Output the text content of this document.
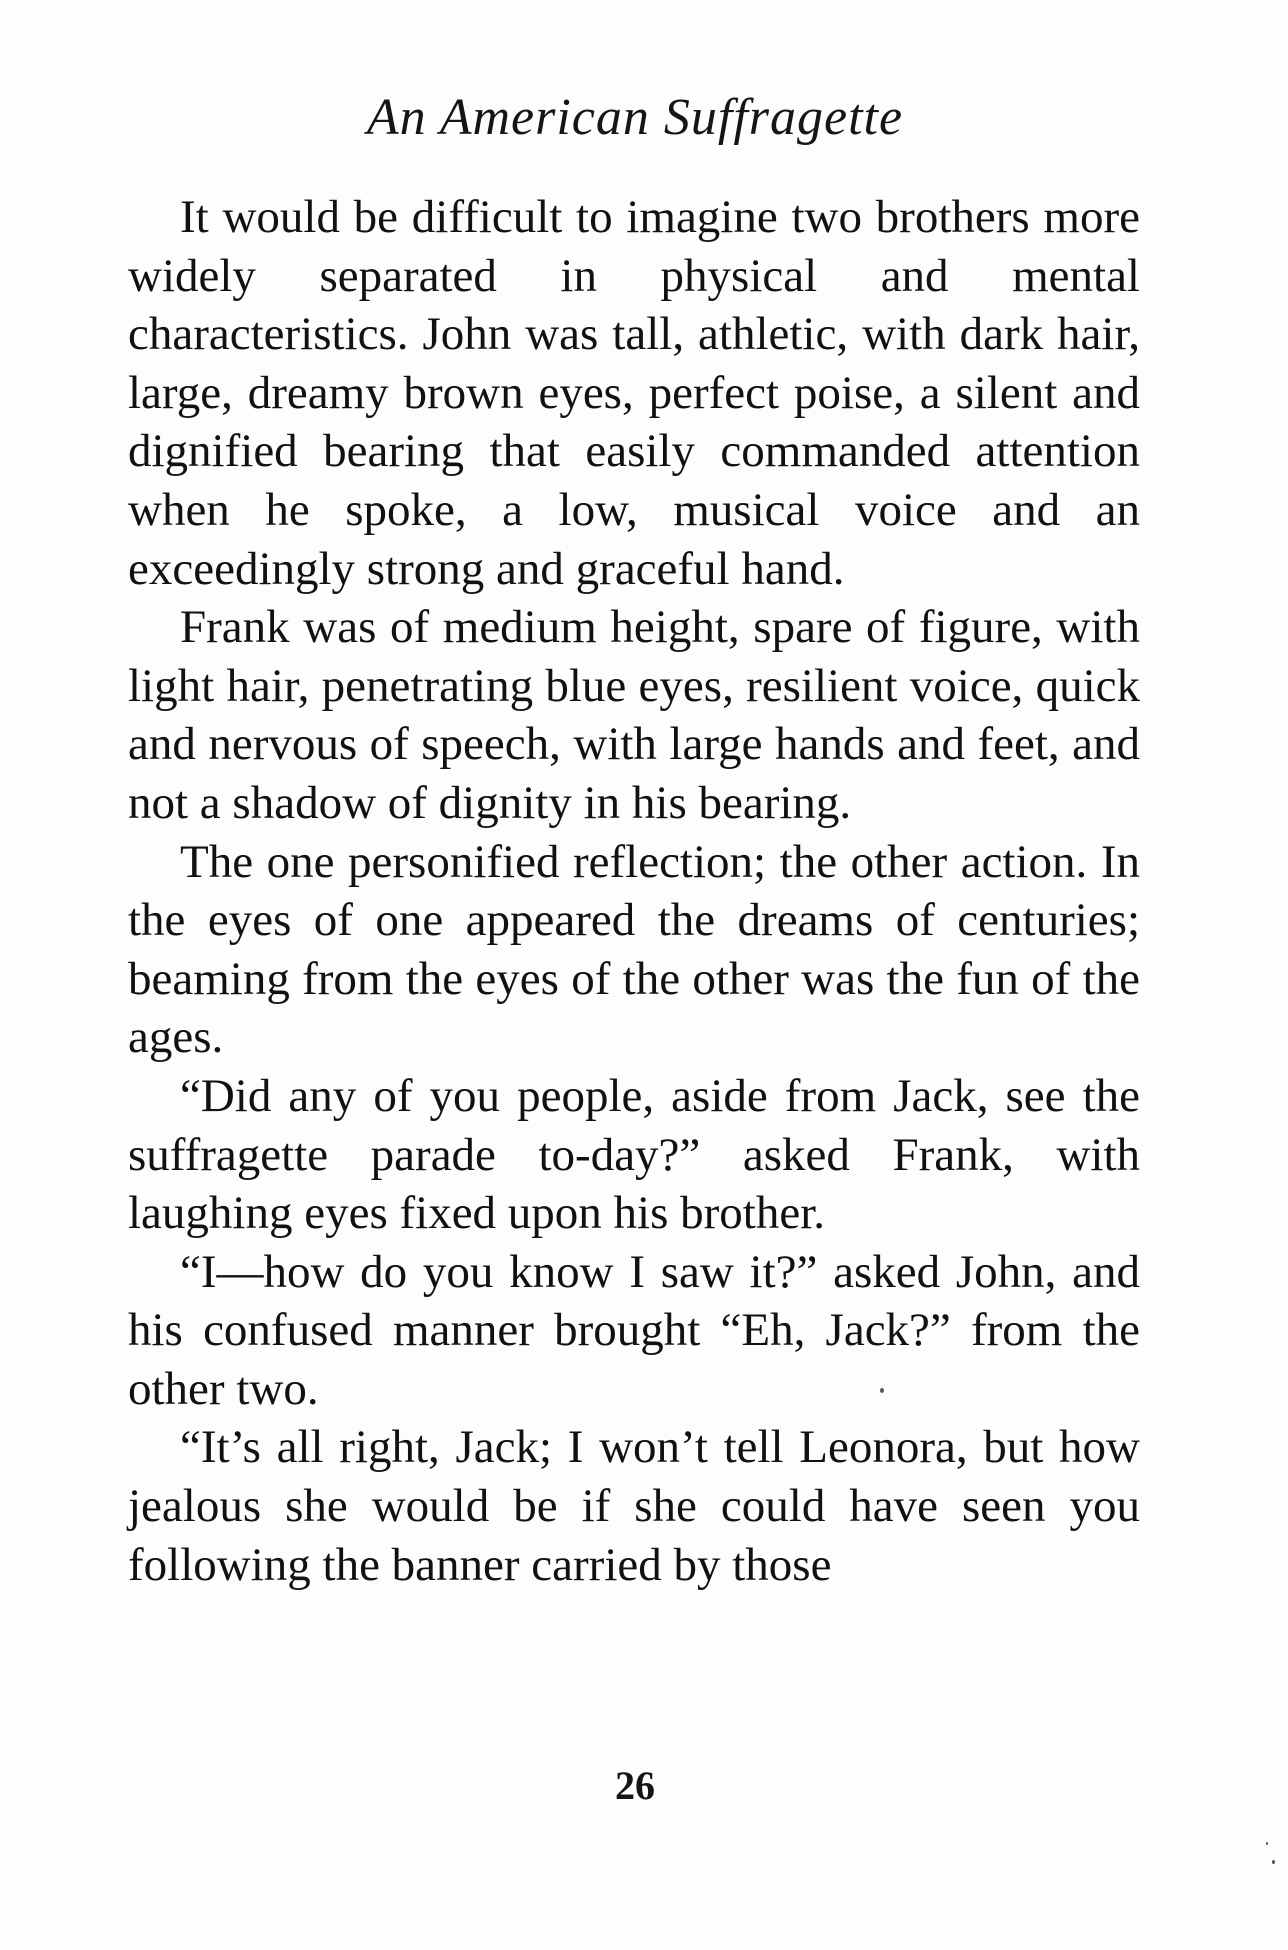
An American Suffragette

It would be difficult to imagine two brothers more widely separated in physical and mental characteristics. John was tall, athletic, with dark hair, large, dreamy brown eyes, perfect poise, a silent and dignified bearing that easily commanded attention when he spoke, a low, musical voice and an exceedingly strong and graceful hand.

Frank was of medium height, spare of figure, with light hair, penetrating blue eyes, resilient voice, quick and nervous of speech, with large hands and feet, and not a shadow of dignity in his bearing.

The one personified reflection; the other action. In the eyes of one appeared the dreams of centuries; beaming from the eyes of the other was the fun of the ages.

“Did any of you people, aside from Jack, see the suffragette parade to-day?” asked Frank, with laughing eyes fixed upon his brother.

“I—how do you know I saw it?” asked John, and his confused manner brought “Eh, Jack?” from the other two.

“It’s all right, Jack; I won’t tell Leonora, but how jealous she would be if she could have seen you following the banner carried by those

26
